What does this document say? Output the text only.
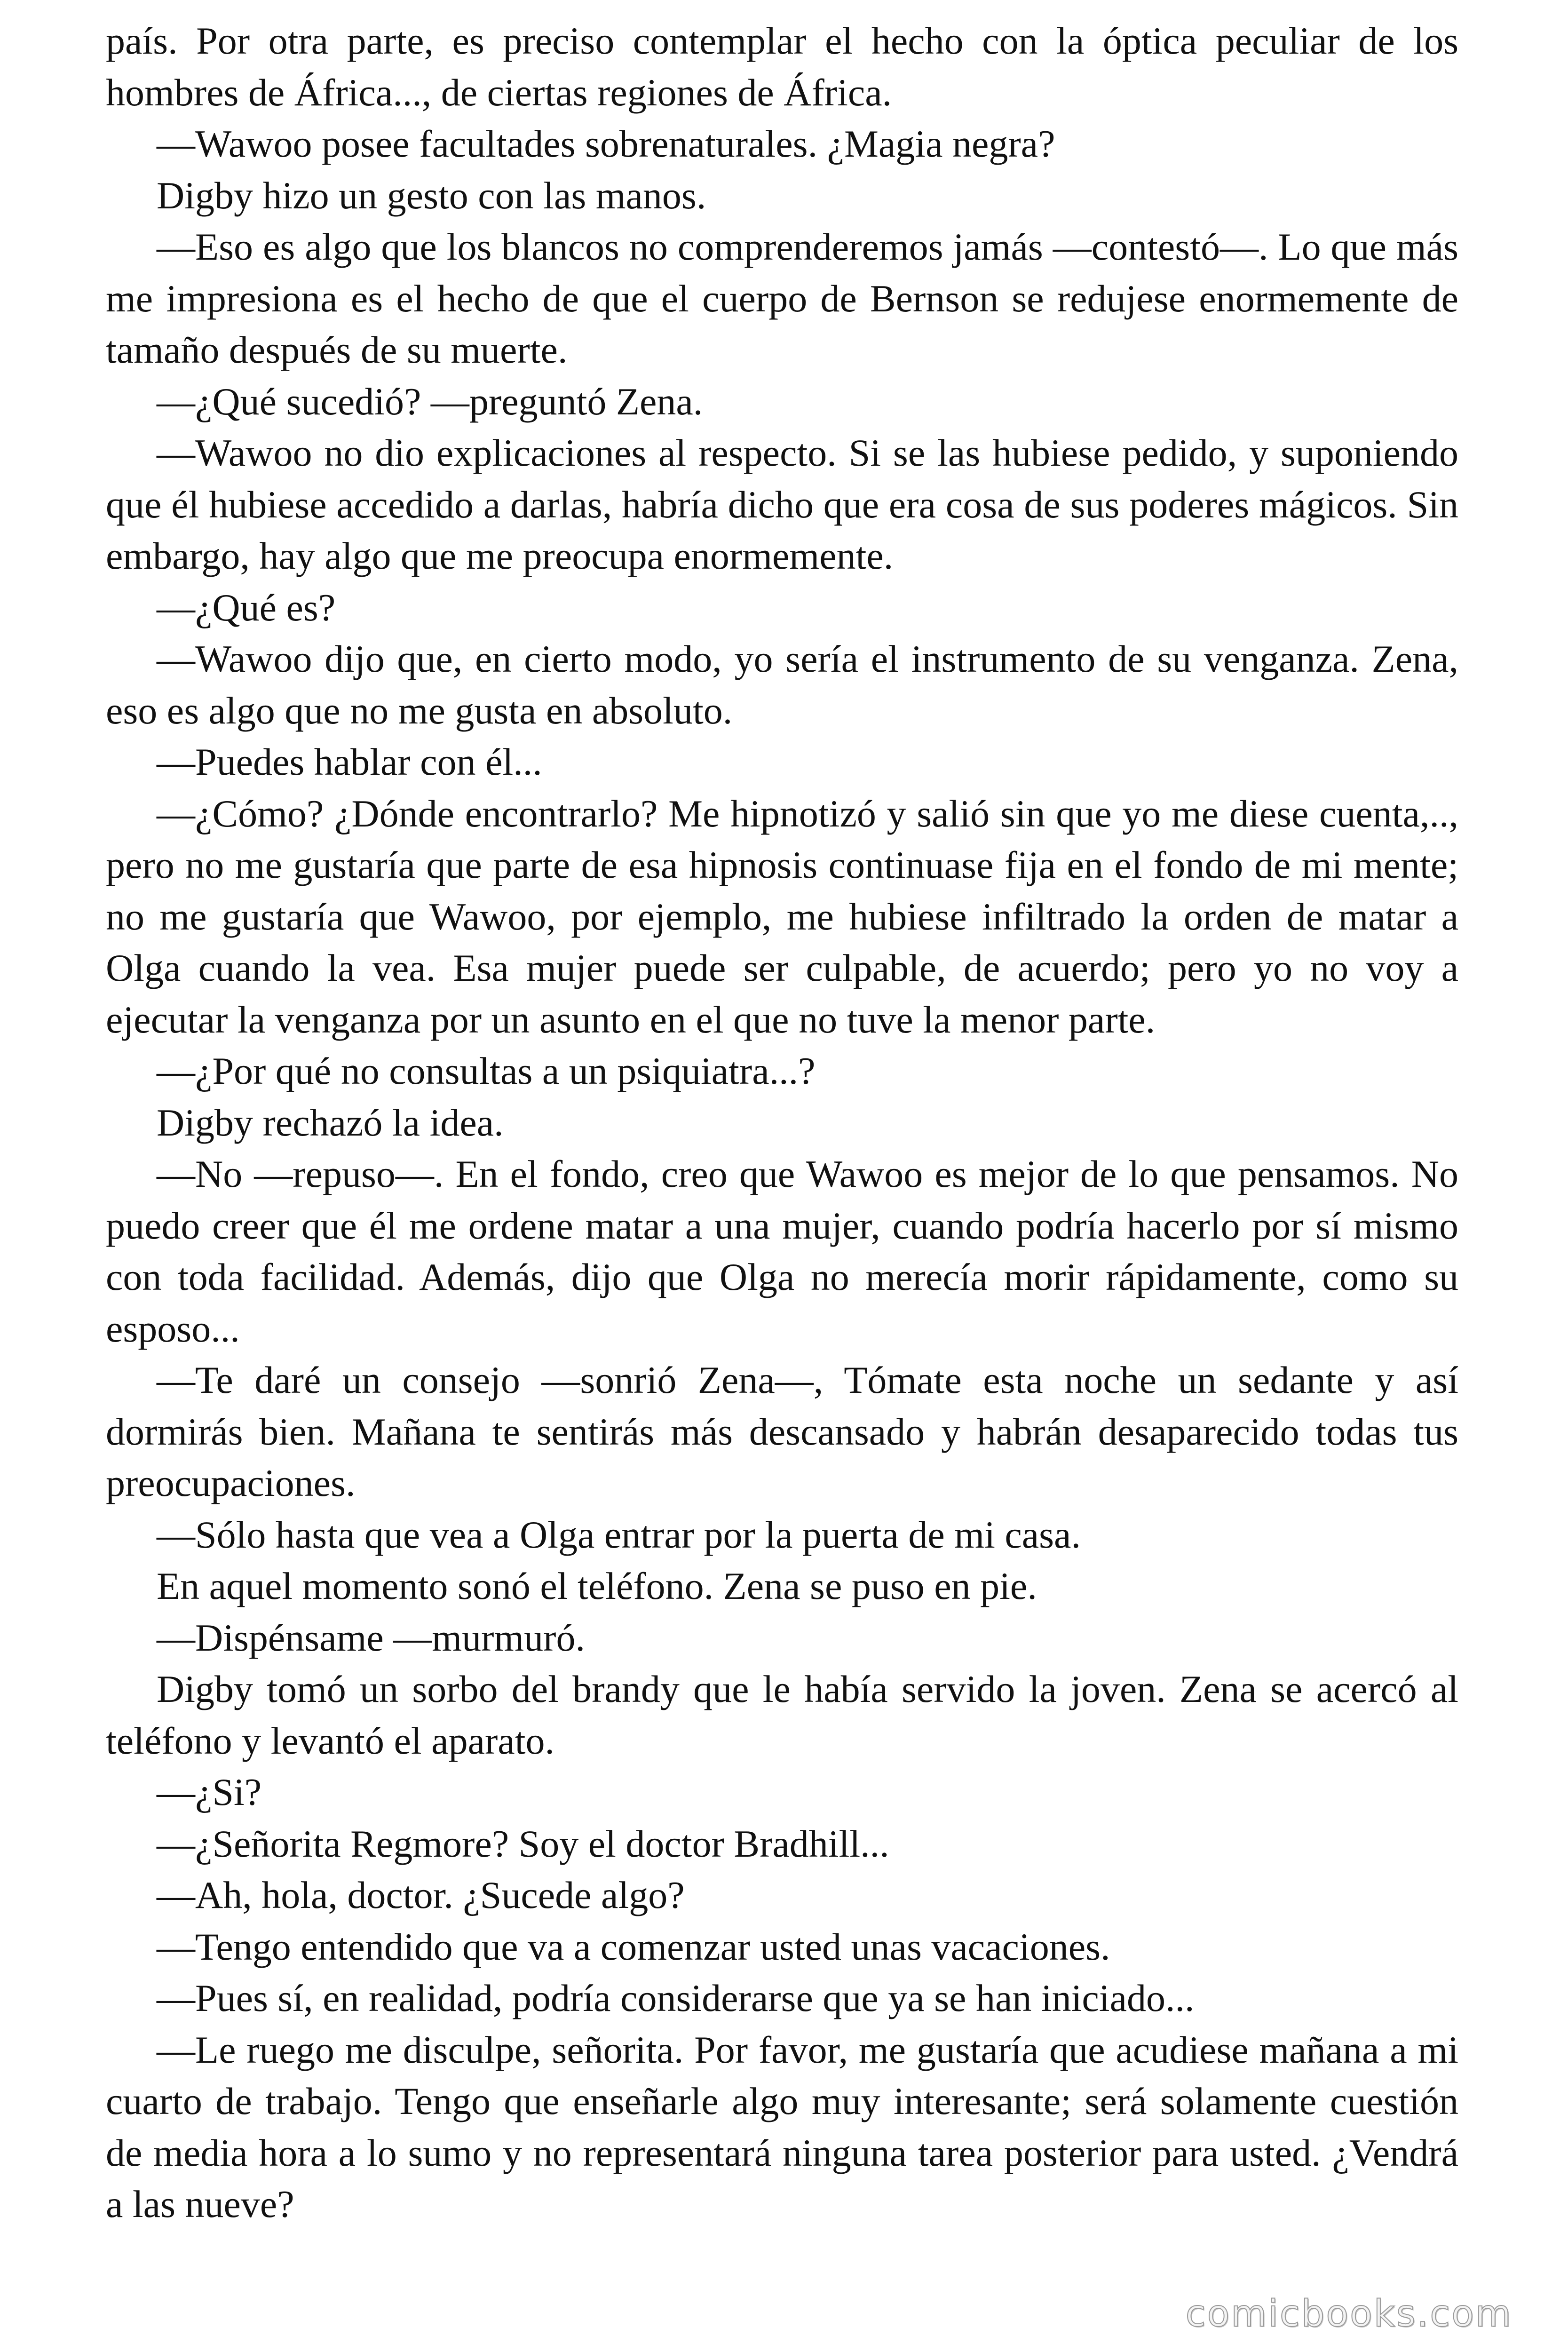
país. Por otra parte, es preciso contemplar el hecho con la óptica peculiar de los hombres de África..., de ciertas regiones de África.

—Wawoo posee facultades sobrenaturales. ¿Magia negra?

Digby hizo un gesto con las manos.

—Eso es algo que los blancos no comprenderemos jamás —contestó—. Lo que más me impresiona es el hecho de que el cuerpo de Bernson se redujese enormemente de tamaño después de su muerte.

—¿Qué sucedió? —preguntó Zena.

—Wawoo no dio explicaciones al respecto. Si se las hubiese pedido, y suponiendo que él hubiese accedido a darlas, habría dicho que era cosa de sus poderes mágicos. Sin embargo, hay algo que me preocupa enormemente.

—¿Qué es?

—Wawoo dijo que, en cierto modo, yo sería el instrumento de su venganza. Zena, eso es algo que no me gusta en absoluto.

—Puedes hablar con él...

—¿Cómo? ¿Dónde encontrarlo? Me hipnotizó y salió sin que yo me diese cuenta,.., pero no me gustaría que parte de esa hipnosis continuase fija en el fondo de mi mente; no me gustaría que Wawoo, por ejemplo, me hubiese infiltrado la orden de matar a Olga cuando la vea. Esa mujer puede ser culpable, de acuerdo; pero yo no voy a ejecutar la venganza por un asunto en el que no tuve la menor parte.

—¿Por qué no consultas a un psiquiatra...?

Digby rechazó la idea.

—No —repuso—. En el fondo, creo que Wawoo es mejor de lo que pensamos. No puedo creer que él me ordene matar a una mujer, cuando podría hacerlo por sí mismo con toda facilidad. Además, dijo que Olga no merecía morir rápidamente, como su esposo...

—Te daré un consejo —sonrió Zena—, Tómate esta noche un sedante y así dormirás bien. Mañana te sentirás más descansado y habrán desaparecido todas tus preocupaciones.

—Sólo hasta que vea a Olga entrar por la puerta de mi casa.

En aquel momento sonó el teléfono. Zena se puso en pie.

—Dispénsame —murmuró.

Digby tomó un sorbo del brandy que le había servido la joven. Zena se acercó al teléfono y levantó el aparato.

—¿Si?

—¿Señorita Regmore? Soy el doctor Bradhill...

—Ah, hola, doctor. ¿Sucede algo?

—Tengo entendido que va a comenzar usted unas vacaciones.

—Pues sí, en realidad, podría considerarse que ya se han iniciado...

—Le ruego me disculpe, señorita. Por favor, me gustaría que acudiese mañana a mi cuarto de trabajo. Tengo que enseñarle algo muy interesante; será solamente cuestión de media hora a lo sumo y no representará ninguna tarea posterior para usted. ¿Vendrá a las nueve?

comicbooks.com
